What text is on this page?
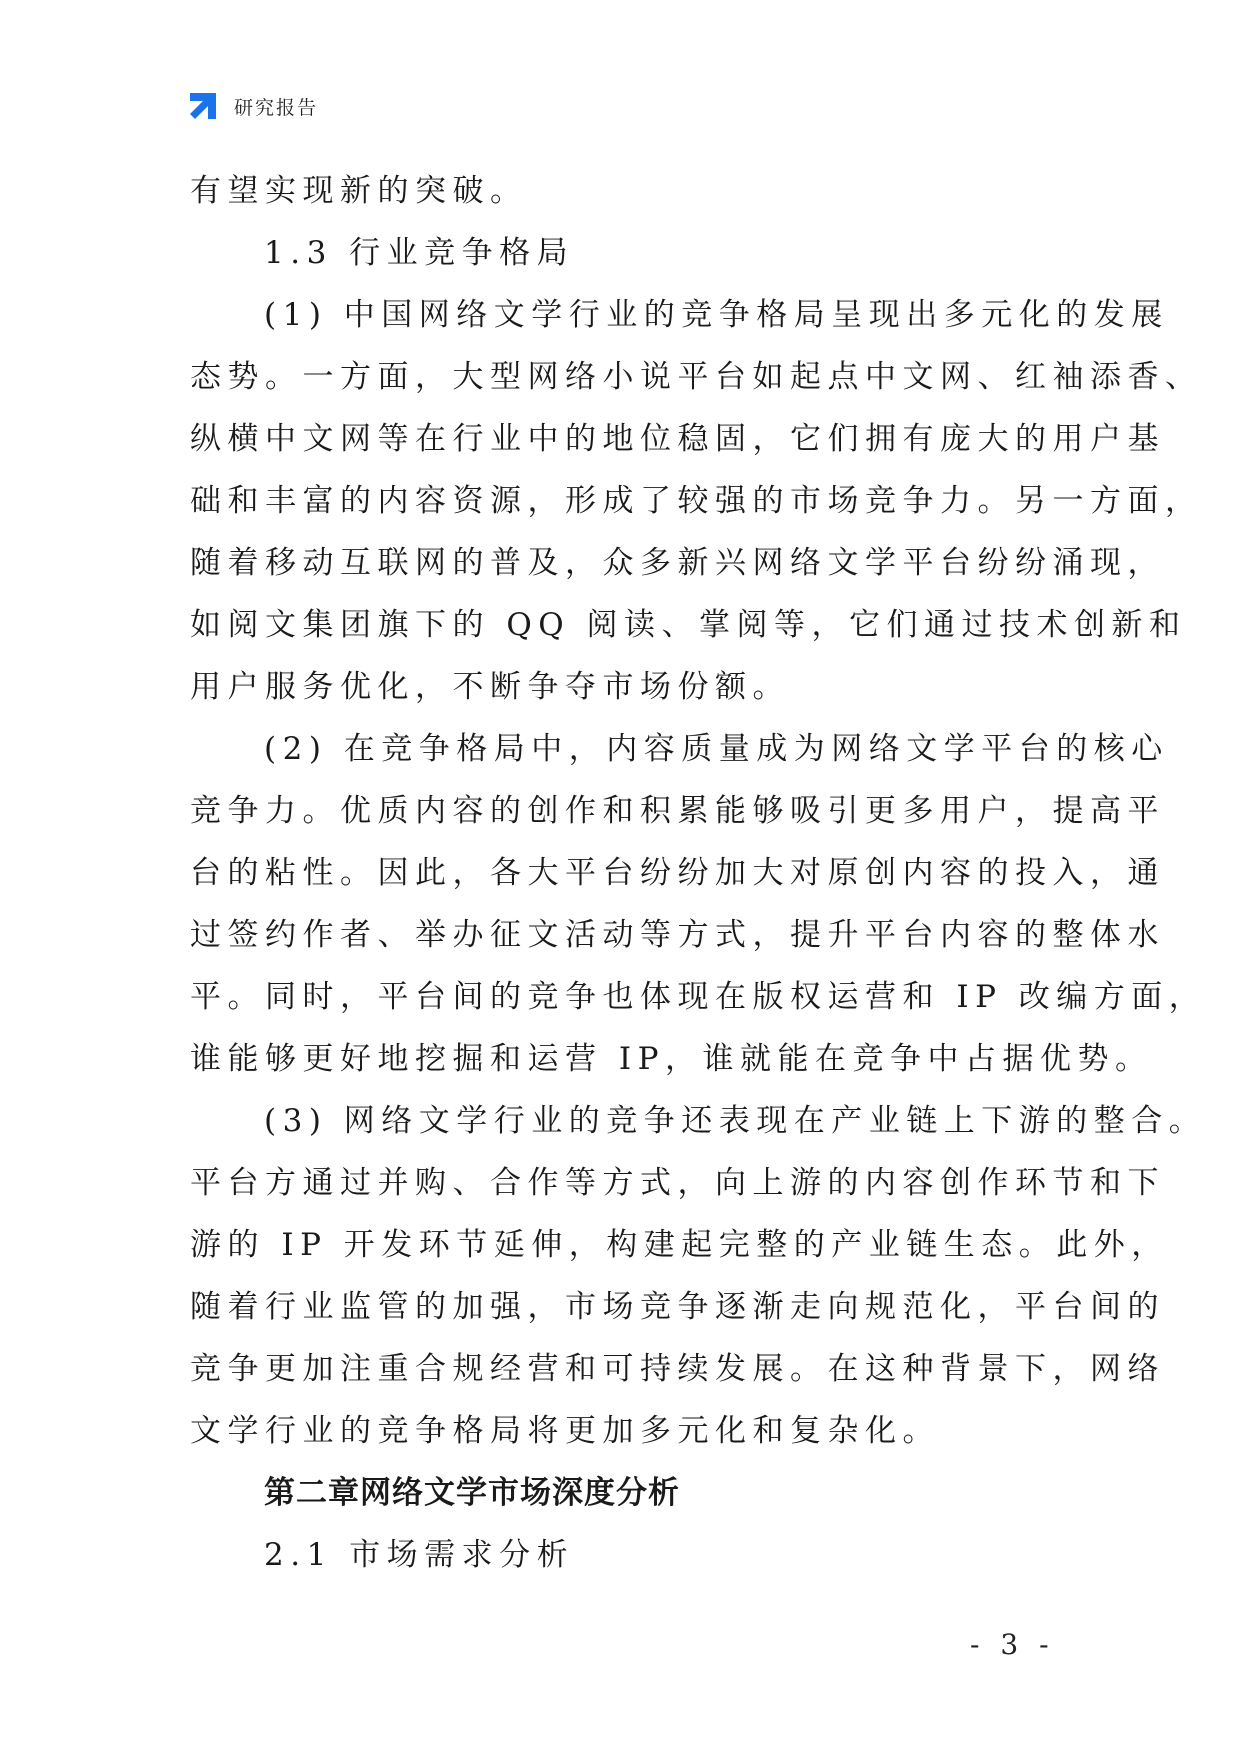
研究报告
有望实现新的突破。
1.3 行业竞争格局
(1) 中国网络文学行业的竞争格局呈现出多元化的发展
态势。一方面，大型网络小说平台如起点中文网、红袖添香、
纵横中文网等在行业中的地位稳固，它们拥有庞大的用户基
础和丰富的内容资源，形成了较强的市场竞争力。另一方面，
随着移动互联网的普及，众多新兴网络文学平台纷纷涌现，
如阅文集团旗下的 QQ 阅读、掌阅等，它们通过技术创新和
用户服务优化，不断争夺市场份额。
(2) 在竞争格局中，内容质量成为网络文学平台的核心
竞争力。优质内容的创作和积累能够吸引更多用户，提高平
台的粘性。因此，各大平台纷纷加大对原创内容的投入，通
过签约作者、举办征文活动等方式，提升平台内容的整体水
平。同时，平台间的竞争也体现在版权运营和 IP 改编方面，
谁能够更好地挖掘和运营 IP，谁就能在竞争中占据优势。
(3) 网络文学行业的竞争还表现在产业链上下游的整合。
平台方通过并购、合作等方式，向上游的内容创作环节和下
游的 IP 开发环节延伸，构建起完整的产业链生态。此外，
随着行业监管的加强，市场竞争逐渐走向规范化，平台间的
竞争更加注重合规经营和可持续发展。在这种背景下，网络
文学行业的竞争格局将更加多元化和复杂化。
第二章网络文学市场深度分析
2.1 市场需求分析
- 3 -
